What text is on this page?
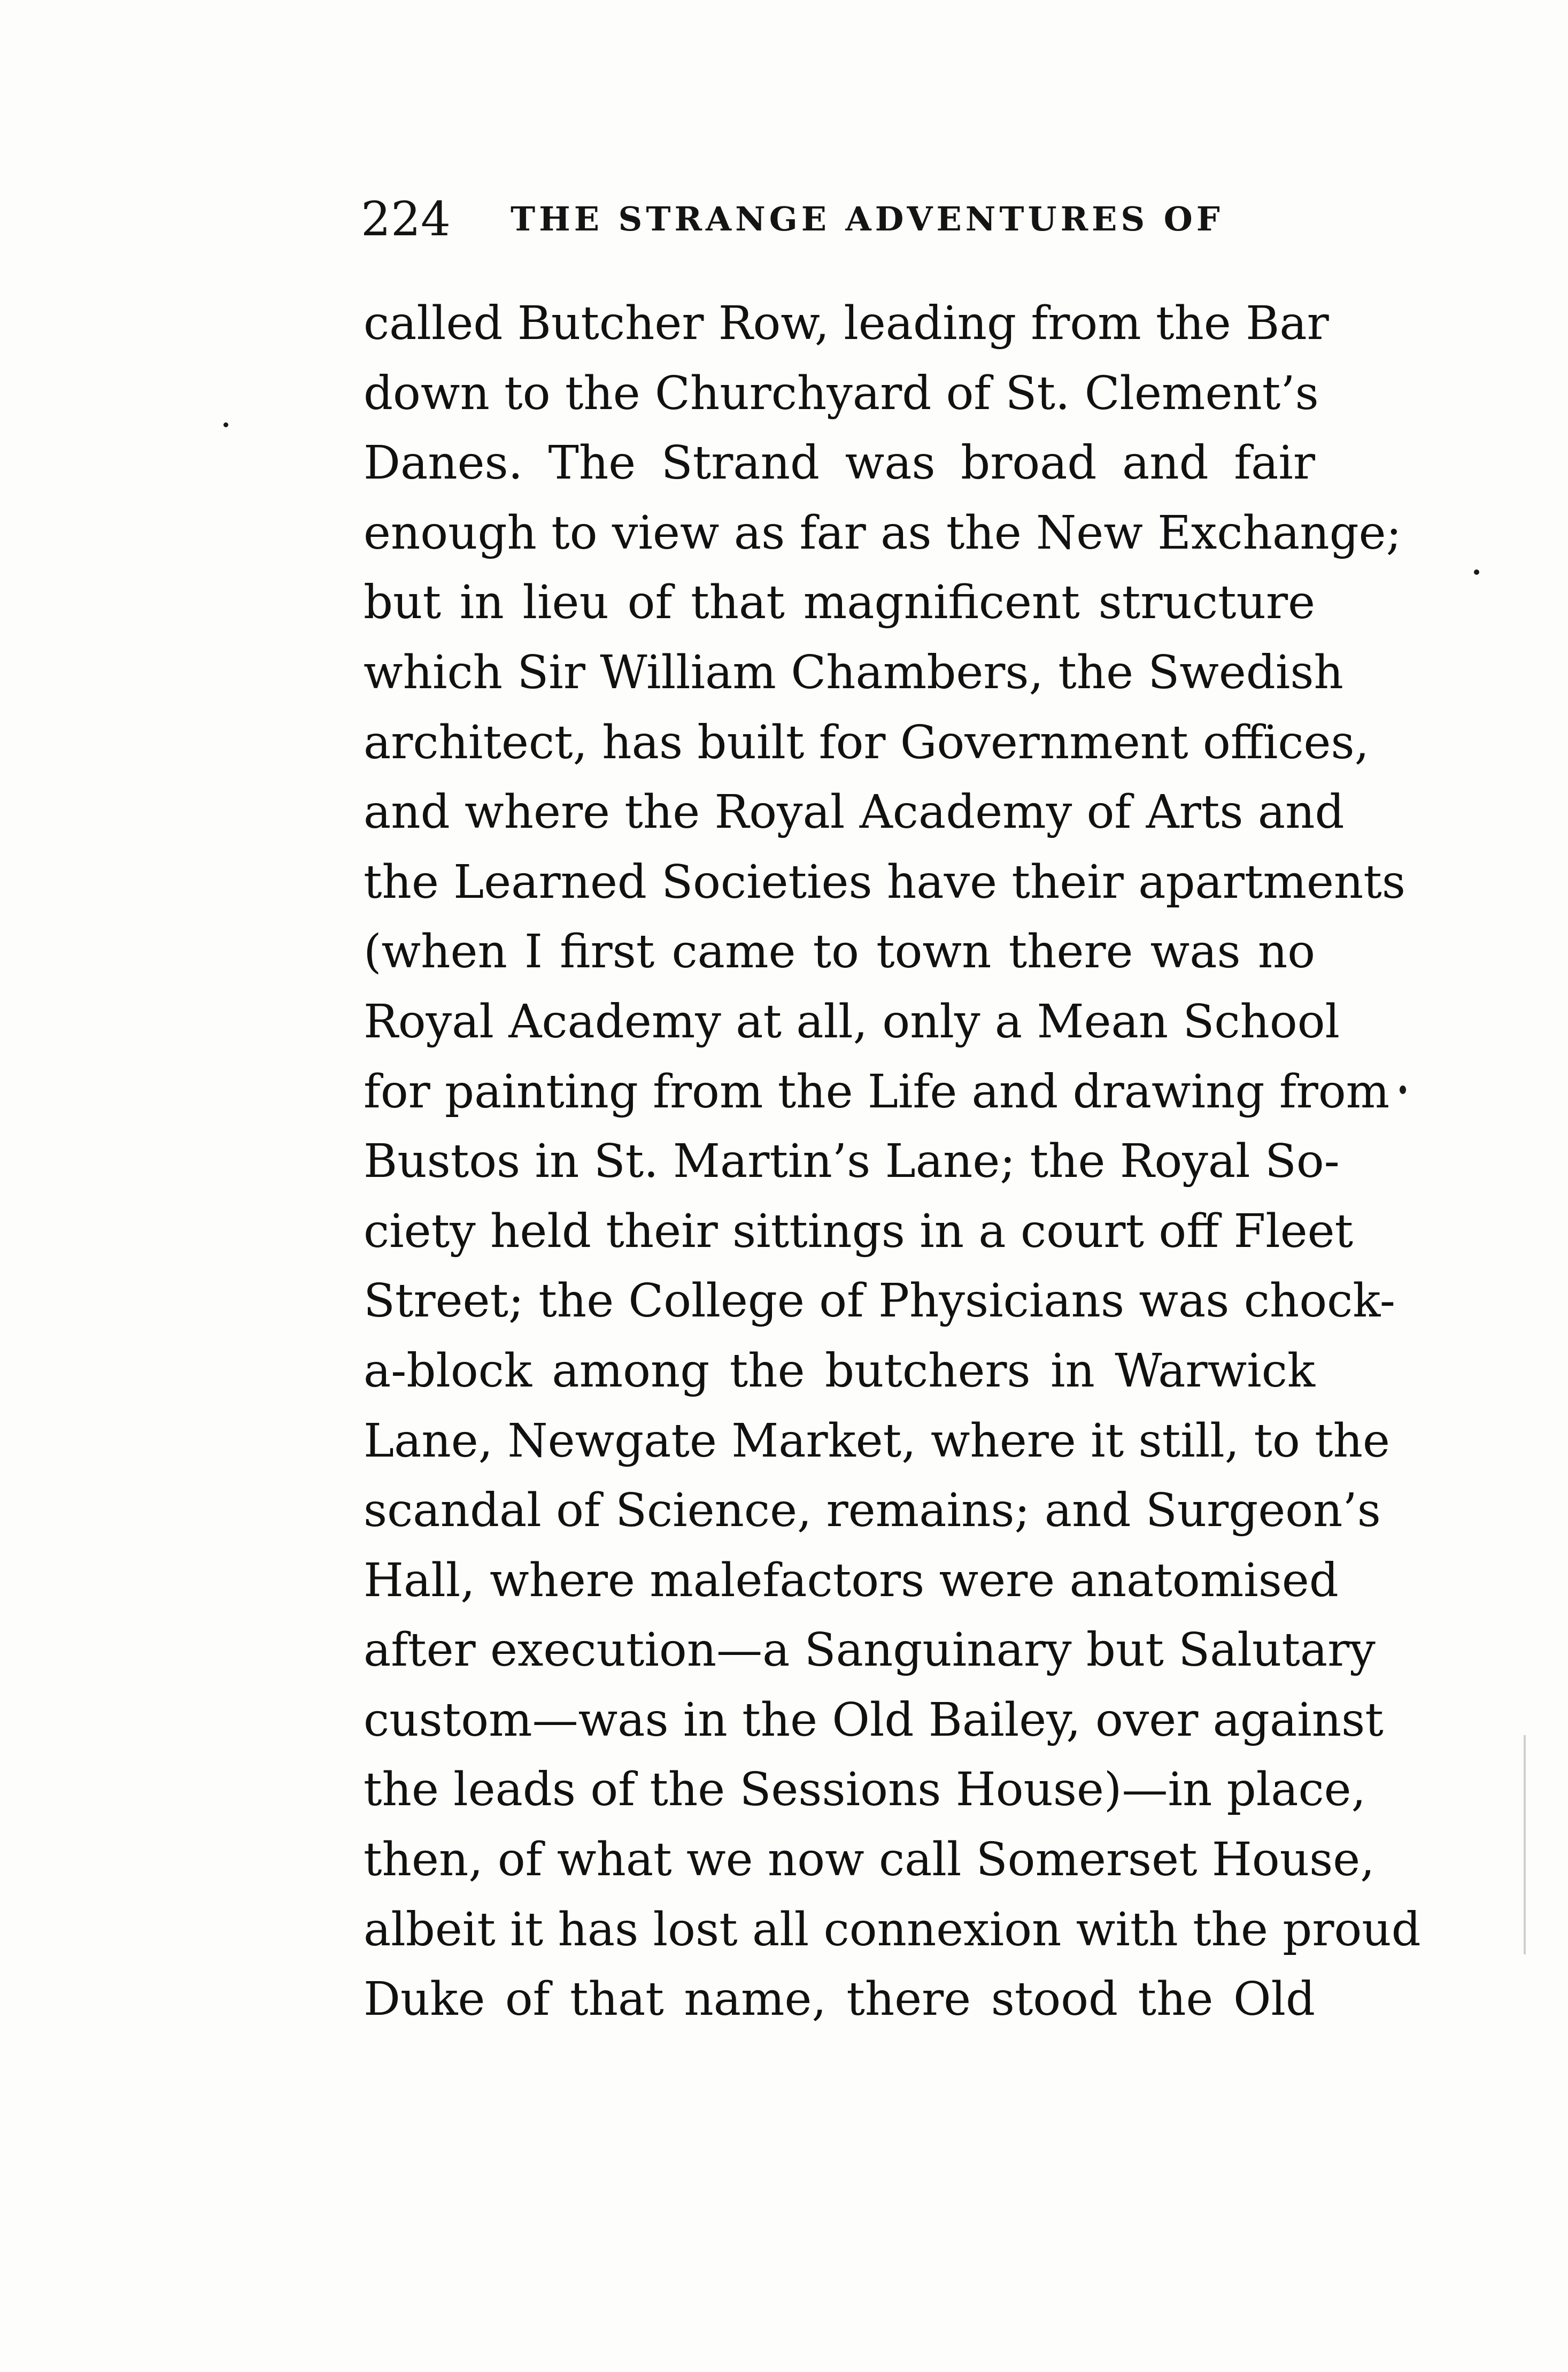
224 THE STRANGE ADVENTURES OF
called Butcher Row, leading from the Bar
down to the Churchyard of St. Clement’s
Danes. The Strand was broad and fair
enough to view as far as the New Exchange;
but in lieu of that magnificent structure
which Sir William Chambers, the Swedish
architect, has built for Government offices,
and where the Royal Academy of Arts and
the Learned Societies have their apartments
(when I first came to town there was no
Royal Academy at all, only a Mean School
for painting from the Life and drawing from
Bustos in St. Martin’s Lane; the Royal So-
ciety held their sittings in a court off Fleet
Street; the College of Physicians was chock-
a-block among the butchers in Warwick
Lane, Newgate Market, where it still, to the
scandal of Science, remains; and Surgeon’s
Hall, where malefactors were anatomised
after execution—a Sanguinary but Salutary
custom—was in the Old Bailey, over against
the leads of the Sessions House)—in place,
then, of what we now call Somerset House,
albeit it has lost all connexion with the proud
Duke of that name, there stood the Old
